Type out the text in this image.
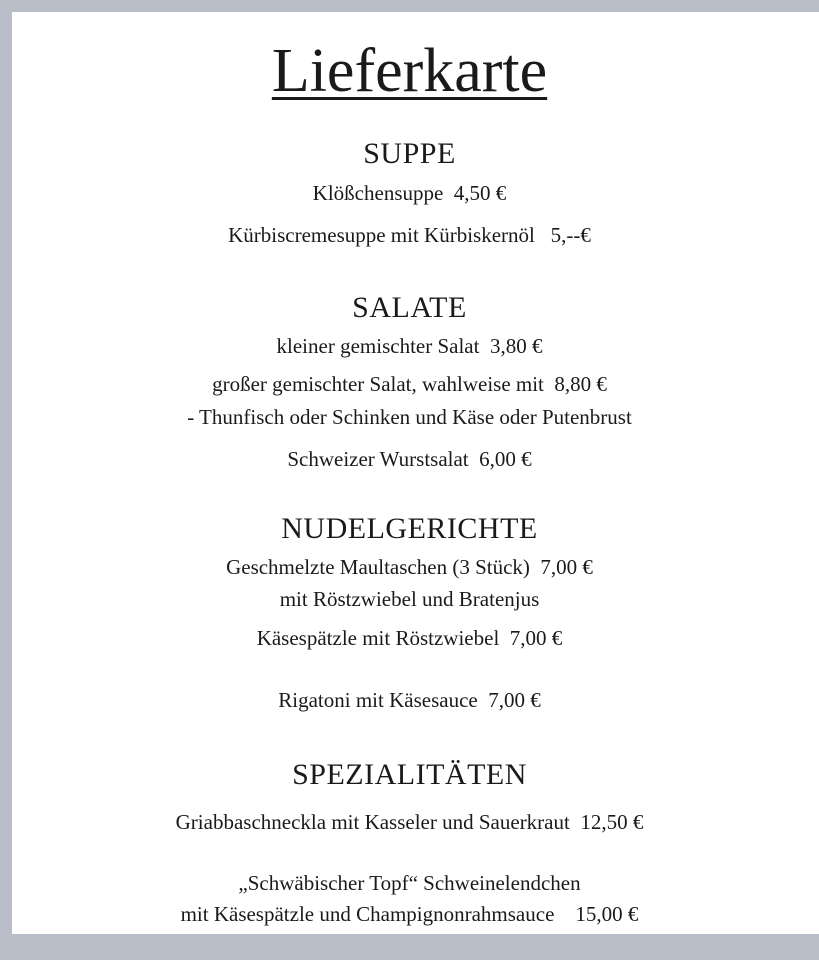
Lieferkarte
SUPPE
Klößchensuppe  4,50 €
Kürbiscremesuppe mit Kürbiskernöl   5,--€
SALATE
kleiner gemischter Salat  3,80 €
großer gemischter Salat, wahlweise mit  8,80 €
- Thunfisch oder Schinken und Käse oder Putenbrust
Schweizer Wurstsalat  6,00 €
NUDELGERICHTE
Geschmelzte Maultaschen (3 Stück)  7,00 €
mit Röstzwiebel und Bratenjus
Käsespätzle mit Röstzwiebel  7,00 €
Rigatoni mit Käsesauce  7,00 €
SPEZIALITÄTEN
Griabbaschneckla mit Kasseler und Sauerkraut  12,50 €
„Schwäbischer Topf“ Schweinelendchen
mit Käsespätzle und Champignonrahmsauce    15,00 €
